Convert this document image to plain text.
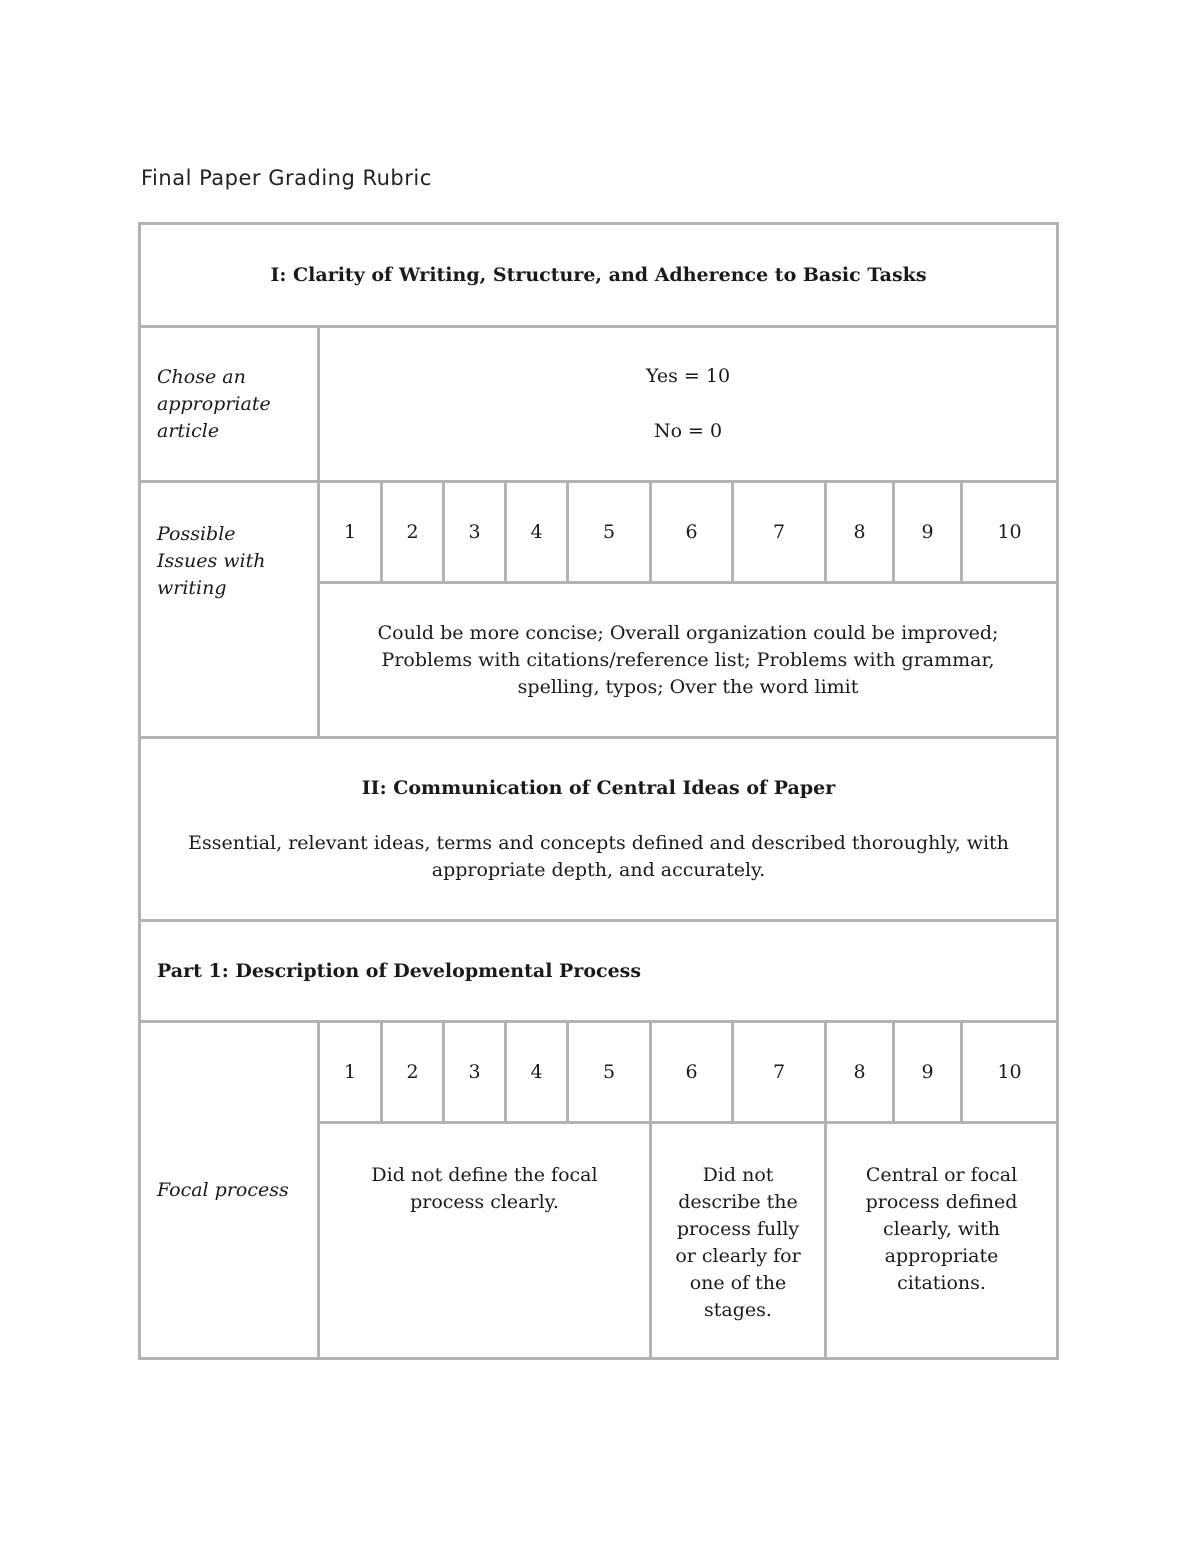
Final Paper Grading Rubric
I: Clarity of Writing, Structure, and Adherence to Basic Tasks										
Chose an appropriate article	Yes = 10

No = 0									

Possible Issues with writing	1	2	3	4	5	6	7	8	9	10
	Could be more concise; Overall organization could be improved; Problems with citations/reference list; Problems with grammar, spelling, typos; Over the word limit									

II: Communication of Central Ideas of Paper

Essential, relevant ideas, terms and concepts defined and described thoroughly, with appropriate depth, and accurately.										

Part 1: Description of Developmental Process										
Focal process	1	2	3	4	5	6	7	8	9	10
	Did not define the focal process clearly.					Did not describe the process fully or clearly for one of the stages.		Central or focal process defined clearly, with appropriate citations.		
